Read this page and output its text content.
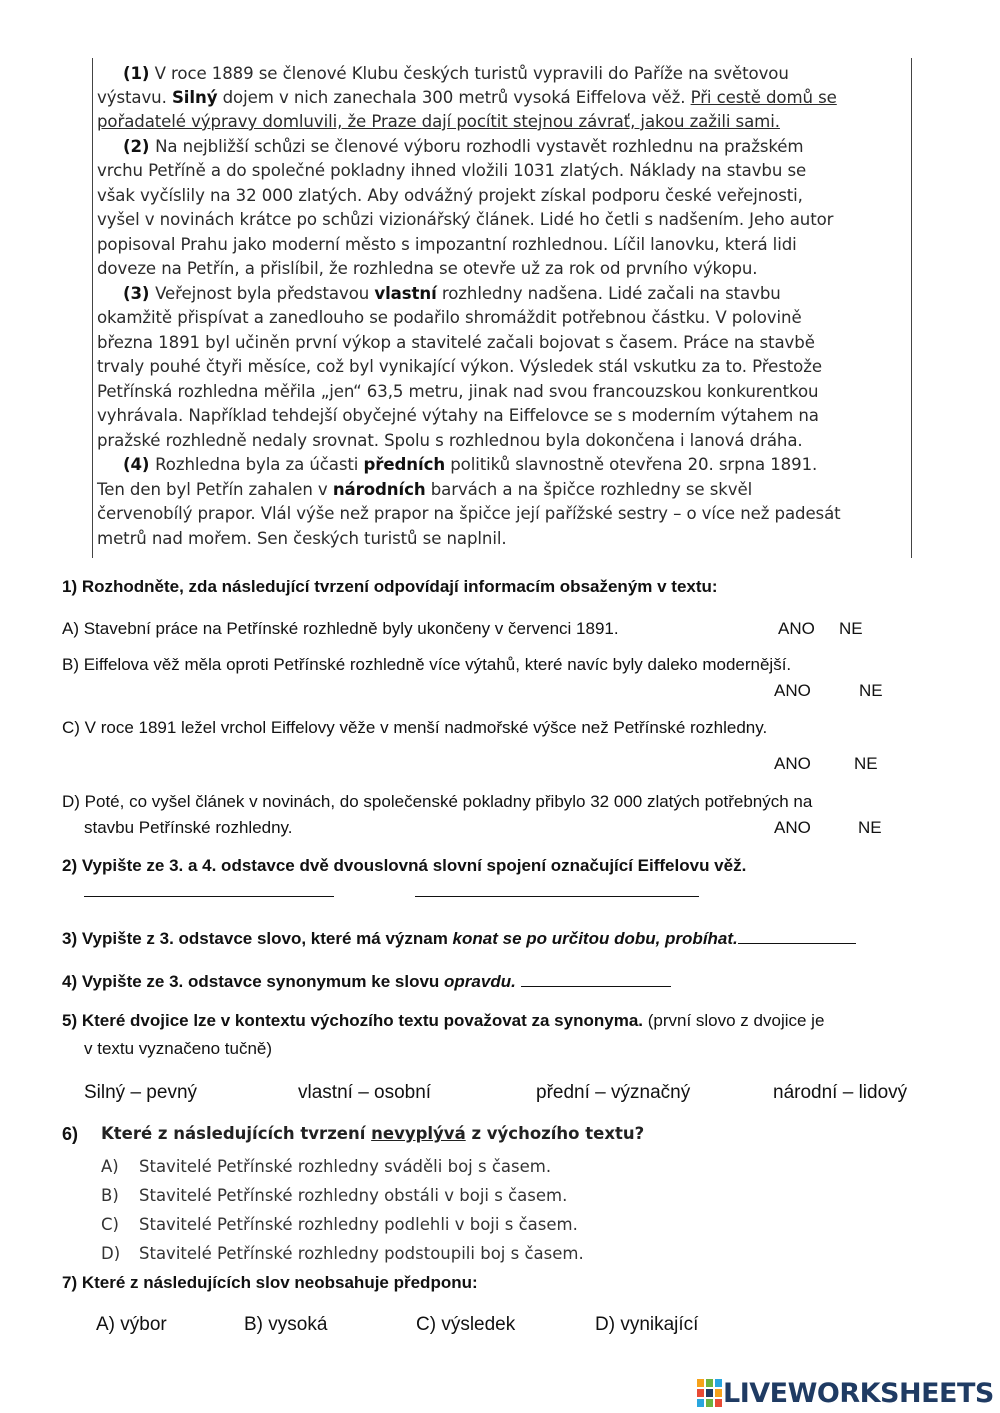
(1) V roce 1889 se členové Klubu českých turistů vypravili do Paříže na světovou
výstavu. Silný dojem v nich zanechala 300 metrů vysoká Eiffelova věž. Při cestě domů se
pořadatelé výpravy domluvili, že Praze dají pocítit stejnou závrať, jakou zažili sami.
(2) Na nejbližší schůzi se členové výboru rozhodli vystavět rozhlednu na pražském
vrchu Petříně a do společné pokladny ihned vložili 1031 zlatých. Náklady na stavbu se
však vyčíslily na 32 000 zlatých. Aby odvážný projekt získal podporu české veřejnosti,
vyšel v novinách krátce po schůzi vizionářský článek. Lidé ho četli s nadšením. Jeho autor
popisoval Prahu jako moderní město s impozantní rozhlednou. Líčil lanovku, která lidi
doveze na Petřín, a přislíbil, že rozhledna se otevře už za rok od prvního výkopu.
(3) Veřejnost byla představou vlastní rozhledny nadšena. Lidé začali na stavbu
okamžitě přispívat a zanedlouho se podařilo shromáždit potřebnou částku. V polovině
března 1891 byl učiněn první výkop a stavitelé začali bojovat s časem. Práce na stavbě
trvaly pouhé čtyři měsíce, což byl vynikající výkon. Výsledek stál vskutku za to. Přestože
Petřínská rozhledna měřila „jen“ 63,5 metru, jinak nad svou francouzskou konkurentkou
vyhrávala. Například tehdejší obyčejné výtahy na Eiffelovce se s moderním výtahem na
pražské rozhledně nedaly srovnat. Spolu s rozhlednou byla dokončena i lanová dráha.
(4) Rozhledna byla za účasti předních politiků slavnostně otevřena 20. srpna 1891.
Ten den byl Petřín zahalen v národních barvách a na špičce rozhledny se skvěl
červenobílý prapor. Vlál výše než prapor na špičce její pařížské sestry – o více než padesát
metrů nad mořem. Sen českých turistů se naplnil.
1) Rozhodněte, zda následující tvrzení odpovídají informacím obsaženým v textu:
A) Stavební práce na Petřínské rozhledně byly ukončeny v červenci 1891.	ANO NE
B) Eiffelova věž měla oproti Petřínské rozhledně více výtahů, které navíc byly daleko modernější.
ANO	NE
C) V roce 1891 ležel vrchol Eiffelovy věže v menší nadmořské výšce než Petřínské rozhledny.
ANO	NE
D) Poté, co vyšel článek v novinách, do společenské pokladny přibylo 32 000 zlatých potřebných na
stavbu Petřínské rozhledny.	ANO	NE
2) Vypište ze 3. a 4. odstavce dvě dvouslovná slovní spojení označující Eiffelovu věž.
3) Vypište z 3. odstavce slovo, které má význam konat se po určitou dobu, probíhat.
4) Vypište ze 3. odstavce synonymum ke slovu opravdu.
5) Které dvojice lze v kontextu výchozího textu považovat za synonyma. (první slovo z dvojice je
v textu vyznačeno tučně)
Silný – pevný	vlastní – osobní	přední – význačný	národní – lidový
6) Které z následujících tvrzení nevyplývá z výchozího textu?
A) Stavitelé Petřínské rozhledny sváděli boj s časem.
B) Stavitelé Petřínské rozhledny obstáli v boji s časem.
C) Stavitelé Petřínské rozhledny podlehli v boji s časem.
D) Stavitelé Petřínské rozhledny podstoupili boj s časem.
7) Které z následujících slov neobsahuje předponu:
A) výbor	B) vysoká	C) výsledek	D) vynikající
LIVEWORKSHEETS
